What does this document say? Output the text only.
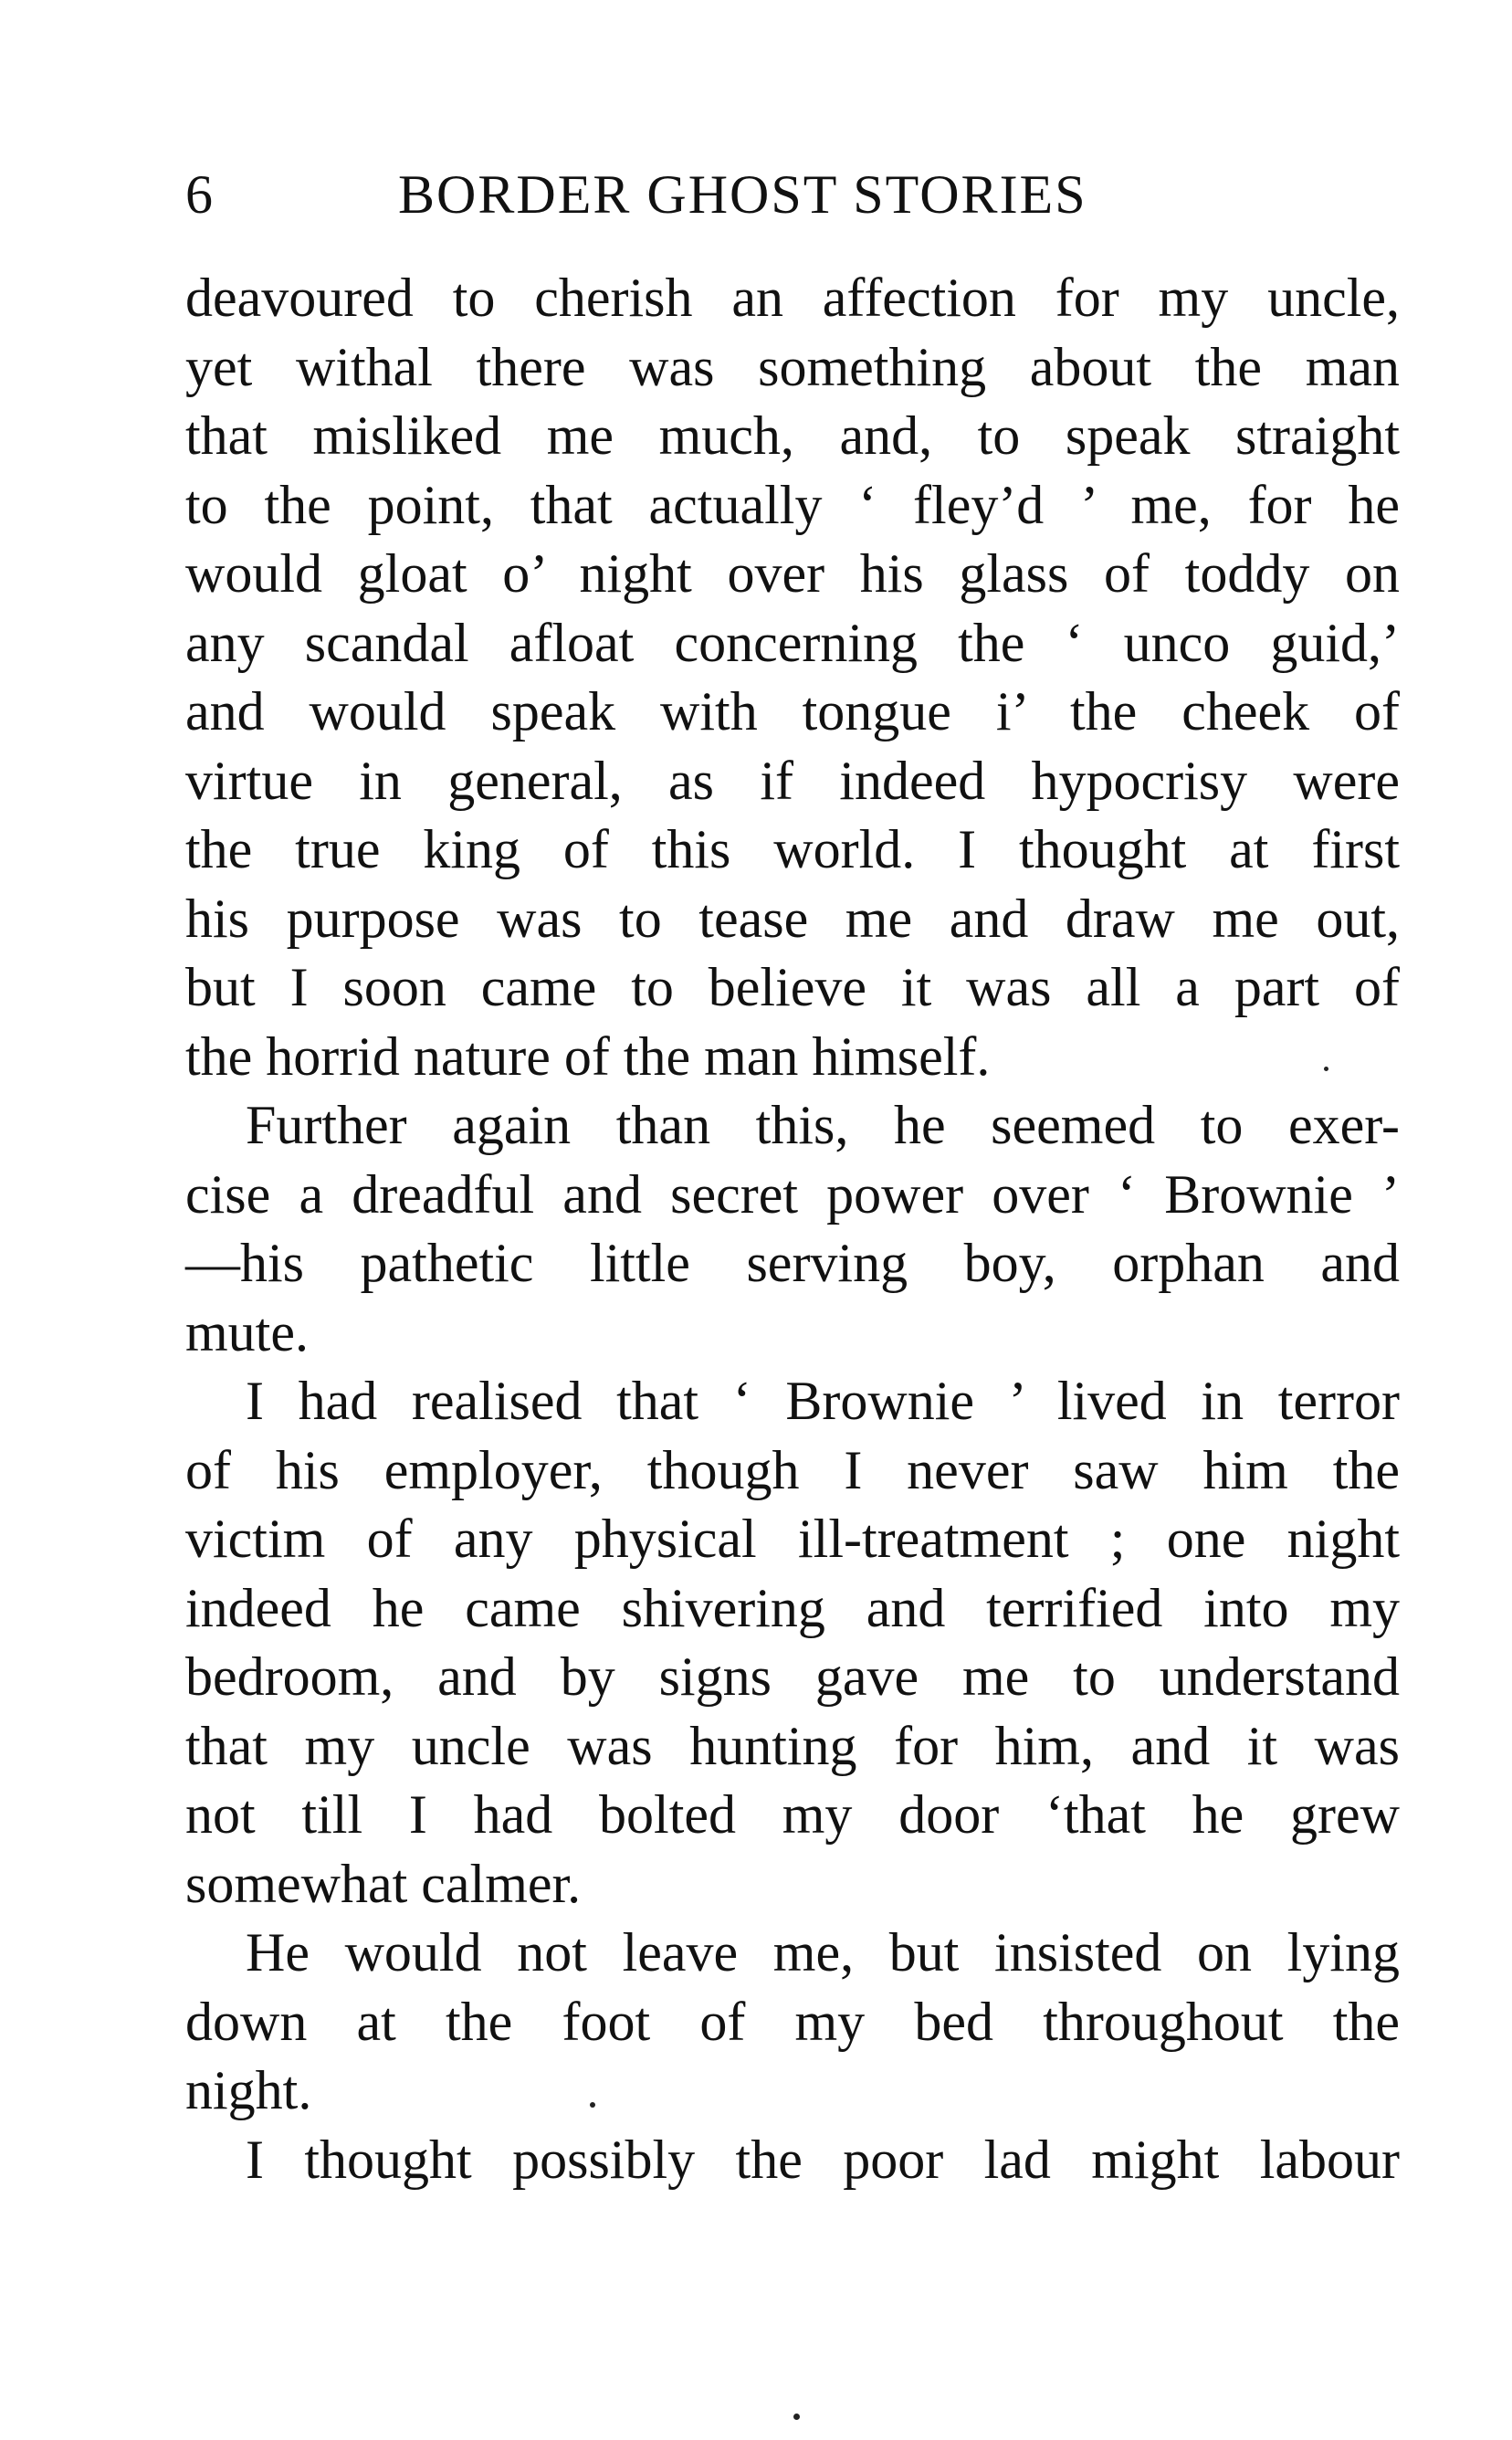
6	BORDER GHOST STORIES
deavoured to cherish an affection for my uncle,
yet withal there was something about the man
that misliked me much, and, to speak straight
to the point, that actually ‘ fley’d ’ me, for he
would gloat o’ night over his glass of toddy on
any scandal afloat concerning the ‘ unco guid,’
and would speak with tongue i’ the cheek of
virtue in general, as if indeed hypocrisy were
the true king of this world. I thought at first
his purpose was to tease me and draw me out,
but I soon came to believe it was all a part of
the horrid nature of the man himself.
Further again than this, he seemed to exer-
cise a dreadful and secret power over ‘ Brownie ’
—his pathetic little serving boy, orphan and
mute.
I had realised that ‘ Brownie ’ lived in terror
of his employer, though I never saw him the
victim of any physical ill-treatment ; one night
indeed he came shivering and terrified into my
bedroom, and by signs gave me to understand
that my uncle was hunting for him, and it was
not till I had bolted my door ‘that he grew
somewhat calmer.
He would not leave me, but insisted on lying
down at the foot of my bed throughout the
night.
I thought possibly the poor lad might labour
